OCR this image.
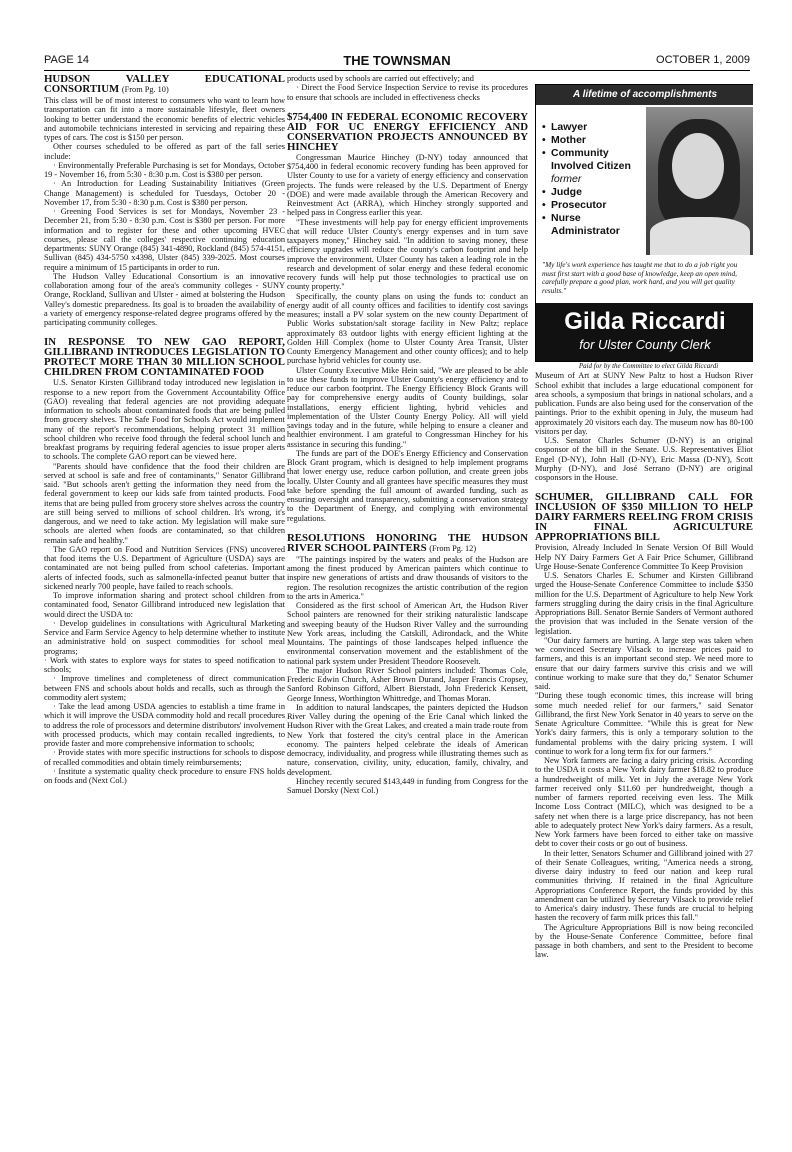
PAGE 14	THE TOWNSMAN	OCTOBER 1, 2009
HUDSON VALLEY EDUCATIONAL CONSORTIUM (From Pg. 10)

This class will be of most interest to consumers who want to learn how transportation can fit into a more sustainable lifestyle, fleet owners looking to better understand the economic benefits of electric vehicles and automobile technicians interested in servicing and repairing these types of cars. The cost is $150 per person.

Other courses scheduled to be offered as part of the fall series include:

· Environmentally Preferable Purchasing is set for Mondays, October 19 - November 16, from 5:30 - 8:30 p.m. Cost is $380 per person.

· An Introduction for Leading Sustainability Initiatives (Green Change Management) is scheduled for Tuesdays, October 20 - November 17, from 5:30 - 8:30 p.m. Cost is $380 per person.

· Greening Food Services is set for Mondays, November 23 - December 21, from 5:30 - 8:30 p.m. Cost is $380 per person. For more information and to register for these and other upcoming HVEC courses, please call the colleges' respective continuing education departments: SUNY Orange (845) 341-4890, Rockland (845) 574-4151, Sullivan (845) 434-5750 x4398, Ulster (845) 339-2025. Most courses require a minimum of 15 participants in order to run.

The Hudson Valley Educational Consortium is an innovative collaboration among four of the area's community colleges - SUNY Orange, Rockland, Sullivan and Ulster - aimed at bolstering the Hudson Valley's domestic preparedness. Its goal is to broaden the availability of a variety of emergency response-related degree programs offered by the participating community colleges.

IN RESPONSE TO NEW GAO REPORT, GILLIBRAND INTRODUCES LEGISLATION TO PROTECT MORE THAN 30 MILLION SCHOOL CHILDREN FROM CONTAMINATED FOOD

U.S. Senator Kirsten Gillibrand today introduced new legislation in response to a new report from the Government Accountability Office (GAO) revealing that federal agencies are not providing adequate information to schools about contaminated foods that are being pulled from grocery shelves. The Safe Food for Schools Act would implement many of the report's recommendations, helping protect 31 million school children who receive food through the federal school lunch and breakfast programs by requiring federal agencies to issue proper alerts to schools. The complete GAO report can be viewed here.

"Parents should have confidence that the food their children are served at school is safe and free of contaminants," Senator Gillibrand said. "But schools aren't getting the information they need from the federal government to keep our kids safe from tainted products. Food items that are being pulled from grocery store shelves across the country are still being served to millions of school children. It's wrong, it's dangerous, and we need to take action. My legislation will make sure schools are alerted when foods are contaminated, so that children remain safe and healthy."

The GAO report on Food and Nutrition Services (FNS) uncovered that food items the U.S. Department of Agriculture (USDA) says are contaminated are not being pulled from school cafeterias. Important alerts of infected foods, such as salmonella-infected peanut butter that sickened nearly 700 people, have failed to reach schools.

To improve information sharing and protect school children from contaminated food, Senator Gillibrand introduced new legislation that would direct the USDA to:

· Develop guidelines in consultations with Agricultural Marketing Service and Farm Service Agency to help determine whether to institute an administrative hold on suspect commodities for school meal programs;

· Work with states to explore ways for states to speed notification to schools;

· Improve timelines and completeness of direct communication between FNS and schools about holds and recalls, such as through the commodity alert system;

· Take the lead among USDA agencies to establish a time frame in which it will improve the USDA commodity hold and recall procedures to address the role of processors and determine distributors' involvement with processed products, which may contain recalled ingredients, to provide faster and more comprehensive information to schools;

· Provide states with more specific instructions for schools to dispose of recalled commodities and obtain timely reimbursements;

· Institute a systematic quality check procedure to ensure FNS holds on foods and (Next Col.)

products used by schools are carried out effectively; and

· Direct the Food Service Inspection Service to revise its procedures to ensure that schools are included in effectiveness checks

$754,400 IN FEDERAL ECONOMIC RECOVERY AID FOR UC ENERGY EFFICIENCY AND CONSERVATION PROJECTS ANNOUNCED BY HINCHEY

Congressman Maurice Hinchey (D-NY) today announced that $754,400 in federal economic recovery funding has been approved for Ulster County to use for a variety of energy efficiency and conservation projects. The funds were released by the U.S. Department of Energy (DOE) and were made available through the American Recovery and Reinvestment Act (ARRA), which Hinchey strongly supported and helped pass in Congress earlier this year.

"These investments will help pay for energy efficient improvements that will reduce Ulster County's energy expenses and in turn save taxpayers money," Hinchey said. "In addition to saving money, these efficiency upgrades will reduce the county's carbon footprint and help improve the environment. Ulster County has taken a leading role in the research and development of solar energy and these federal economic recovery funds will help put those technologies to practical use on county property."

Specifically, the county plans on using the funds to: conduct an energy audit of all county offices and facilities to identify cost savings measures; install a PV solar system on the new county Department of Public Works substation/salt storage facility in New Paltz; replace approximately 83 outdoor lights with energy efficient lighting at the Golden Hill Complex (home to Ulster County Area Transit, Ulster County Emergency Management and other county offices); and to help purchase hybrid vehicles for county use.

Ulster County Executive Mike Hein said, "We are pleased to be able to use these funds to improve Ulster County's energy efficiency and to reduce our carbon footprint. The Energy Efficiency Block Grants will pay for comprehensive energy audits of County buildings, solar installations, energy efficient lighting, hybrid vehicles and implementation of the Ulster County Energy Policy. All will yield savings today and in the future, while helping to ensure a cleaner and healthier environment. I am grateful to Congressman Hinchey for his assistance in securing this funding."

The funds are part of the DOE's Energy Efficiency and Conservation Block Grant program, which is designed to help implement programs that lower energy use, reduce carbon pollution, and create green jobs locally. Ulster County and all grantees have specific measures they must take before spending the full amount of awarded funding, such as ensuring oversight and transparency, submitting a conservation strategy to the Department of Energy, and complying with environmental regulations.

RESOLUTIONS HONORING THE HUDSON RIVER SCHOOL PAINTERS (From Pg. 12)

"The paintings inspired by the waters and peaks of the Hudson are among the finest produced by American painters which continue to inspire new generations of artists and draw thousands of visitors to the region. The resolution recognizes the artistic contribution of the region to the arts in America."

Considered as the first school of American Art, the Hudson River School painters are renowned for their striking naturalistic landscape and sweeping beauty of the Hudson River Valley and the surrounding New York areas, including the Catskill, Adirondack, and the White Mountains. The paintings of those landscapes helped influence the environmental conservation movement and the establishment of the national park system under President Theodore Roosevelt.

The major Hudson River School painters included: Thomas Cole, Frederic Edwin Church, Asher Brown Durand, Jasper Francis Cropsey, Sanford Robinson Gifford, Albert Bierstadt, John Frederick Kensett, George Inness, Worthington Whittredge, and Thomas Moran.

In addition to natural landscapes, the painters depicted the Hudson River Valley during the opening of the Erie Canal which linked the Hudson River with the Great Lakes, and created a main trade route from New York that fostered the city's central place in the American economy. The painters helped celebrate the ideals of American democracy, individuality, and progress while illustrating themes such as nature, conservation, civility, unity, education, family, chivalry, and development.

Hinchey recently secured $143,449 in funding from Congress for the Samuel Dorsky (Next Col.)

A lifetime of accomplishments
• Lawyer
• Mother
• Community Involved Citizen
former
• Judge
• Prosecutor
• Nurse Administrator
"My life's work experience has taught me that to do a job right you must first start with a good base of knowledge, keep an open mind, carefully prepare a good plan, work hard, and you will get quality results."
Gilda Riccardi
for Ulster County Clerk

Paid for by the Committee to elect Gilda Riccardi

Museum of Art at SUNY New Paltz to host a Hudson River School exhibit that includes a large educational component for area schools, a symposium that brings in national scholars, and a publication. Funds are also being used for the conservation of the paintings. Prior to the exhibit opening in July, the museum had approximately 20 visitors each day. The museum now has 80-100 visitors per day.

U.S. Senator Charles Schumer (D-NY) is an original cosponsor of the bill in the Senate. U.S. Representatives Eliot Engel (D-NY), John Hall (D-NY), Eric Massa (D-NY), Scott Murphy (D-NY), and José Serrano (D-NY) are original cosponsors in the House.

SCHUMER, GILLIBRAND CALL FOR INCLUSION OF $350 MILLION TO HELP DAIRY FARMERS REELING FROM CRISIS IN FINAL AGRICULTURE APPROPRIATIONS BILL

Provision, Already Included In Senate Version Of Bill Would Help NY Dairy Farmers Get A Fair Price Schumer, Gillibrand Urge House-Senate Conference Committee To Keep Provision

U.S. Senators Charles E. Schumer and Kirsten Gillibrand urged the House-Senate Conference Committee to include $350 million for the U.S. Department of Agriculture to help New York farmers struggling during the dairy crisis in the final Agriculture Appropriations Bill. Senator Bernie Sanders of Vermont authored the provision that was included in the Senate version of the legislation.

"Our dairy farmers are hurting. A large step was taken when we convinced Secretary Vilsack to increase prices paid to farmers, and this is an important second step. We need more to ensure that our dairy farmers survive this crisis and we will continue working to make sure that they do," Senator Schumer said.

"During these tough economic times, this increase will bring some much needed relief for our farmers," said Senator Gillibrand, the first New York Senator in 40 years to serve on the Senate Agriculture Committee. "While this is great for New York's dairy farmers, this is only a temporary solution to the fundamental problems with the dairy pricing system. I will continue to work for a long term fix for our farmers."

New York farmers are facing a dairy pricing crisis. According to the USDA it costs a New York dairy farmer $18.82 to produce a hundredweight of milk. Yet in July the average New York farmer received only $11.60 per hundredweight, though a number of farmers reported receiving even less. The Milk Income Loss Contract (MILC), which was designed to be a safety net when there is a large price discrepancy, has not been able to adequately protect New York's dairy farmers. As a result, New York farmers have been forced to either take on massive debt to cover their costs or go out of business.

In their letter, Senators Schumer and Gillibrand joined with 27 of their Senate Colleagues, writing, "America needs a strong, diverse dairy industry to feed our nation and keep rural communities thriving. If retained in the final Agriculture Appropriations Conference Report, the funds provided by this amendment can be utilized by Secretary Vilsack to provide relief to America's dairy industry. These funds are crucial to helping hasten the recovery of farm milk prices this fall."

The Agriculture Appropriations Bill is now being reconciled by the House-Senate Conference Committee, before final passage in both chambers, and sent to the President to become law.
